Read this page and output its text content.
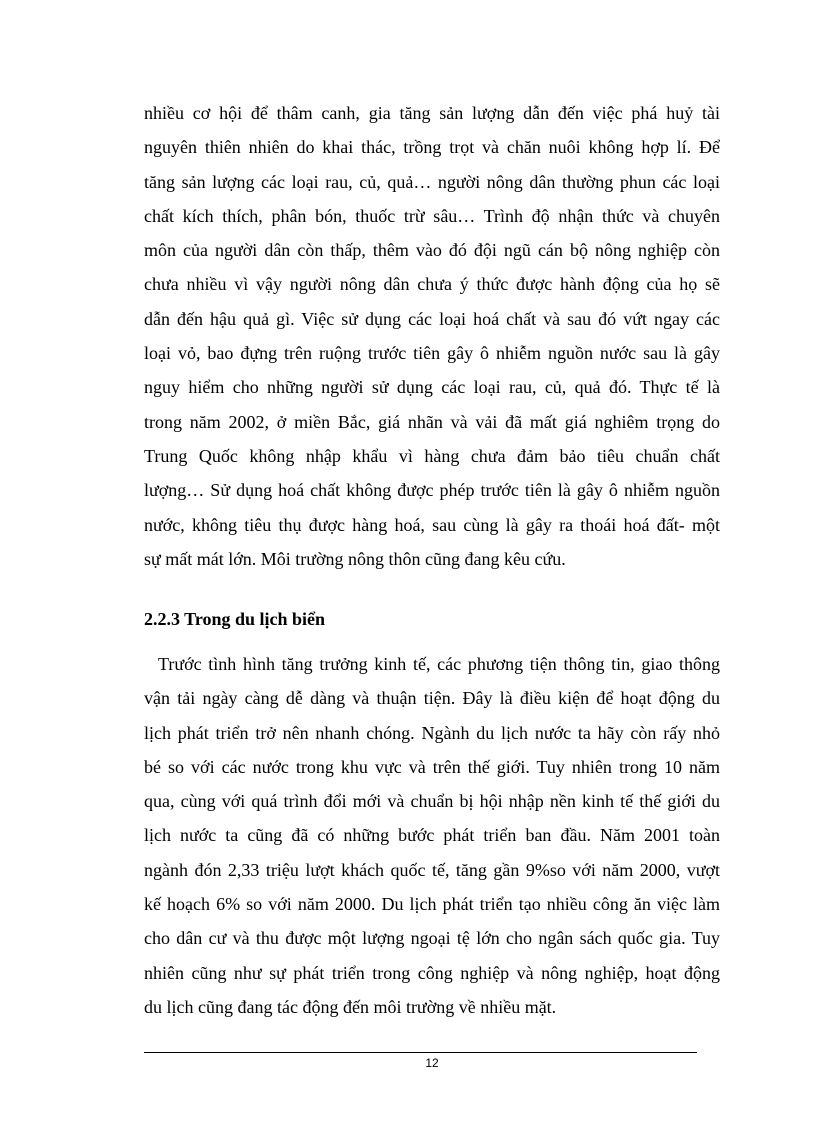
nhiều cơ hội để thâm canh, gia tăng sản lượng dẫn đến việc phá huỷ tài
nguyên thiên nhiên do khai thác, trồng trọt và chăn nuôi không hợp lí. Để
tăng sản lượng các loại rau, củ, quả… người nông dân thường phun các loại
chất kích thích, phân bón, thuốc trừ sâu… Trình độ nhận thức và chuyên
môn của người dân còn thấp, thêm vào đó đội ngũ cán bộ nông nghiệp còn
chưa nhiều vì vậy người nông dân chưa ý thức được hành động của họ sẽ
dẫn đến hậu quả gì. Việc sử dụng các loại hoá chất và sau đó vứt ngay các
loại vỏ, bao đựng trên ruộng trước tiên gây ô nhiễm nguồn nước sau là gây
nguy hiểm cho những người sử dụng các loại rau, củ, quả đó. Thực tế là
trong năm 2002, ở miền Bắc, giá nhãn và vải đã mất giá nghiêm trọng do
Trung Quốc không nhập khẩu vì hàng chưa đảm bảo tiêu chuẩn chất
lượng… Sử dụng hoá chất không được phép trước tiên là gây ô nhiễm nguồn
nước, không tiêu thụ được hàng hoá, sau cùng là gây ra thoái hoá đất- một
sự mất mát lớn. Môi trường nông thôn cũng đang kêu cứu.

2.2.3 Trong du lịch biển

Trước tình hình tăng trưởng kinh tế, các phương tiện thông tin, giao thông
vận tải ngày càng dễ dàng và thuận tiện. Đây là điều kiện để hoạt động du
lịch phát triển trở nên nhanh chóng. Ngành du lịch nước ta hãy còn rấy nhỏ
bé so với các nước trong khu vực và trên thế giới. Tuy nhiên trong 10 năm
qua, cùng với quá trình đổi mới và chuẩn bị hội nhập nền kinh tế thế giới du
lịch nước ta cũng đã có những bước phát triển ban đầu. Năm 2001 toàn
ngành đón 2,33 triệu lượt khách quốc tế, tăng gần 9%so với năm 2000, vượt
kế hoạch 6% so với năm 2000. Du lịch phát triển tạo nhiều công ăn việc làm
cho dân cư và thu được một lượng ngoại tệ lớn cho ngân sách quốc gia. Tuy
nhiên cũng như sự phát triển trong công nghiệp và nông nghiệp, hoạt động
du lịch cũng đang tác động đến môi trường về nhiều mặt.

12
